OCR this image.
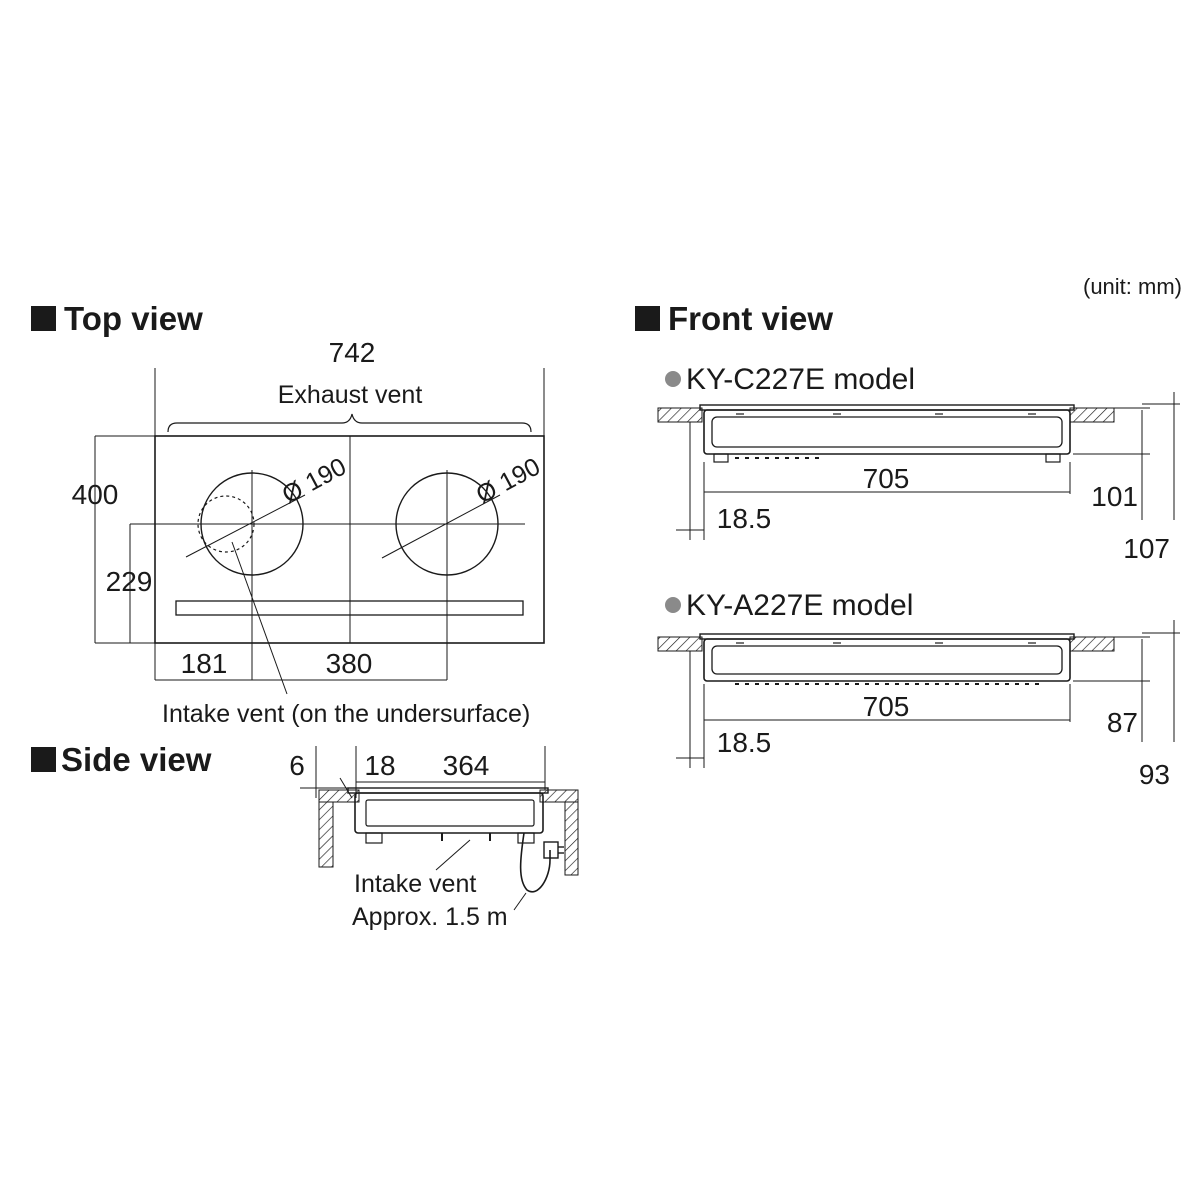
(unit: mm)
Top view
742
Exhaust vent
400
229
Ø 190	Ø 190
181	380
Intake vent (on the undersurface)
Side view	6 18 364
Intake vent
Approx. 1.5 m
Front view
KY-C227E model
705
18.5
101
107
KY-A227E model
705
18.5
87
93
